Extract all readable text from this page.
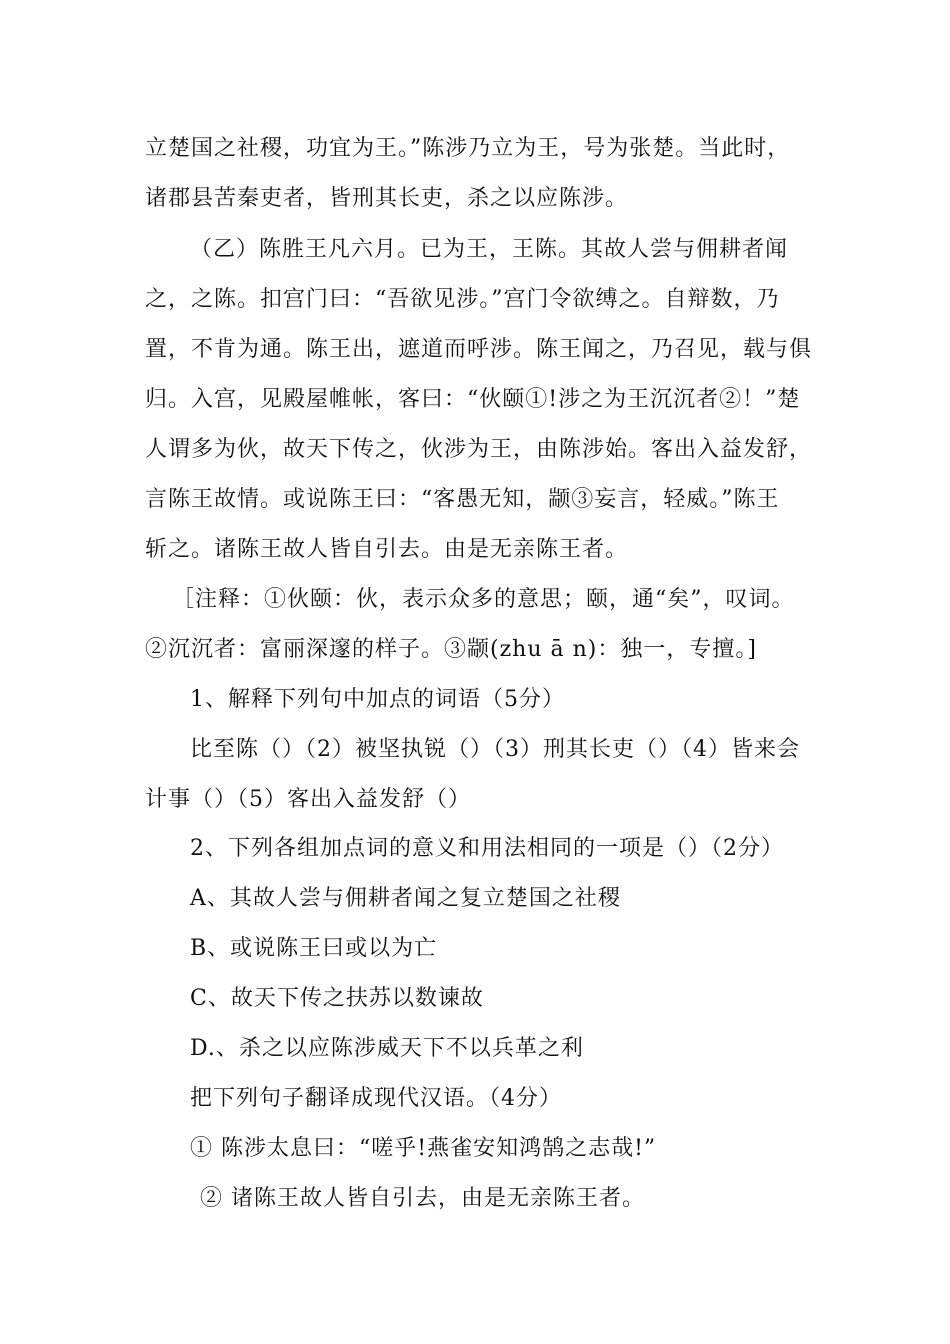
立楚国之社稷，功宜为王。”陈涉乃立为王，号为张楚。当此时，
诸郡县苦秦吏者，皆刑其长吏，杀之以应陈涉。
（乙）陈胜王凡六月。已为王，王陈。其故人尝与佣耕者闻
之，之陈。扣宫门曰：“吾欲见涉。”宫门令欲缚之。自辩数，乃
置，不肯为通。陈王出，遮道而呼涉。陈王闻之，乃召见，载与俱
归。入宫，见殿屋帷帐，客曰：“伙颐①!涉之为王沉沉者②！”楚
人谓多为伙，故天下传之，伙涉为王，由陈涉始。客出入益发舒，
言陈王故情。或说陈王曰：“客愚无知，颛③妄言，轻威。”陈王
斩之。诸陈王故人皆自引去。由是无亲陈王者。
［注释：①伙颐：伙，表示众多的意思；颐，通“矣”，叹词。
②沉沉者：富丽深邃的样子。③颛(zhu ā n)：独一，专擅。]
1、解释下列句中加点的词语（5分）
比至陈（）（2）被坚执锐（）（3）刑其长吏（）（4）皆来会
计事（）（5）客出入益发舒（）
2、下列各组加点词的意义和用法相同的一项是（）（2分）
A、其故人尝与佣耕者闻之复立楚国之社稷
B、或说陈王曰或以为亡
C、故天下传之扶苏以数谏故
D.、杀之以应陈涉威天下不以兵革之利
把下列句子翻译成现代汉语。（4分）
① 陈涉太息曰：“嗟乎!燕雀安知鸿鹄之志哉!”
② 诸陈王故人皆自引去，由是无亲陈王者。
